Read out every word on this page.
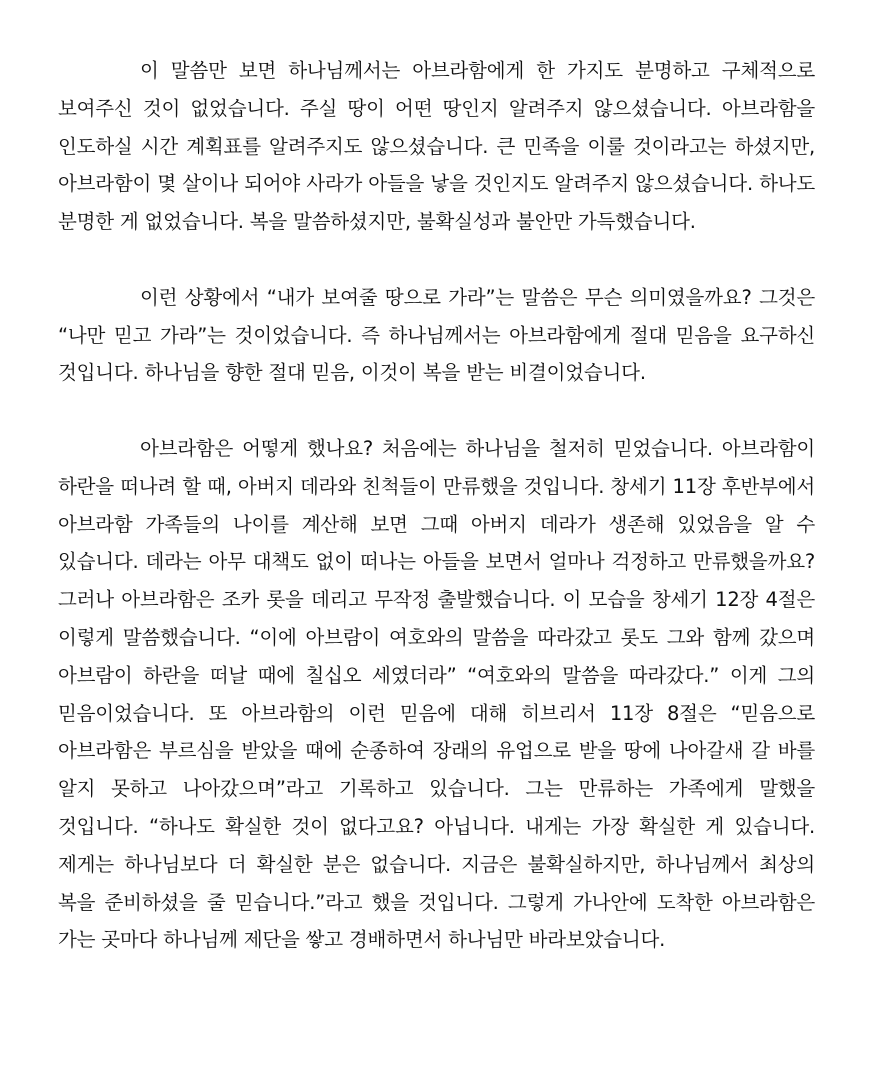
이 말씀만 보면 하나님께서는 아브라함에게 한 가지도 분명하고 구체적으로 보여주신 것이 없었습니다. 주실 땅이 어떤 땅인지 알려주지 않으셨습니다. 아브라함을 인도하실 시간 계획표를 알려주지도 않으셨습니다. 큰 민족을 이룰 것이라고는 하셨지만, 아브라함이 몇 살이나 되어야 사라가 아들을 낳을 것인지도 알려주지 않으셨습니다. 하나도 분명한 게 없었습니다. 복을 말씀하셨지만, 불확실성과 불안만 가득했습니다.

이런 상황에서 “내가 보여줄 땅으로 가라”는 말씀은 무슨 의미였을까요? 그것은 “나만 믿고 가라”는 것이었습니다. 즉 하나님께서는 아브라함에게 절대 믿음을 요구하신 것입니다. 하나님을 향한 절대 믿음, 이것이 복을 받는 비결이었습니다.

아브라함은 어떻게 했나요? 처음에는 하나님을 철저히 믿었습니다. 아브라함이 하란을 떠나려 할 때, 아버지 데라와 친척들이 만류했을 것입니다. 창세기 11장 후반부에서 아브라함 가족들의 나이를 계산해 보면 그때 아버지 데라가 생존해 있었음을 알 수 있습니다. 데라는 아무 대책도 없이 떠나는 아들을 보면서 얼마나 걱정하고 만류했을까요? 그러나 아브라함은 조카 롯을 데리고 무작정 출발했습니다. 이 모습을 창세기 12장 4절은 이렇게 말씀했습니다. “이에 아브람이 여호와의 말씀을 따라갔고 롯도 그와 함께 갔으며 아브람이 하란을 떠날 때에 칠십오 세였더라” “여호와의 말씀을 따라갔다.” 이게 그의 믿음이었습니다. 또 아브라함의 이런 믿음에 대해 히브리서 11장 8절은 “믿음으로 아브라함은 부르심을 받았을 때에 순종하여 장래의 유업으로 받을 땅에 나아갈새 갈 바를 알지 못하고 나아갔으며”라고 기록하고 있습니다. 그는 만류하는 가족에게 말했을 것입니다. “하나도 확실한 것이 없다고요? 아닙니다. 내게는 가장 확실한 게 있습니다. 제게는 하나님보다 더 확실한 분은 없습니다. 지금은 불확실하지만, 하나님께서 최상의 복을 준비하셨을 줄 믿습니다.”라고 했을 것입니다. 그렇게 가나안에 도착한 아브라함은 가는 곳마다 하나님께 제단을 쌓고 경배하면서 하나님만 바라보았습니다.
